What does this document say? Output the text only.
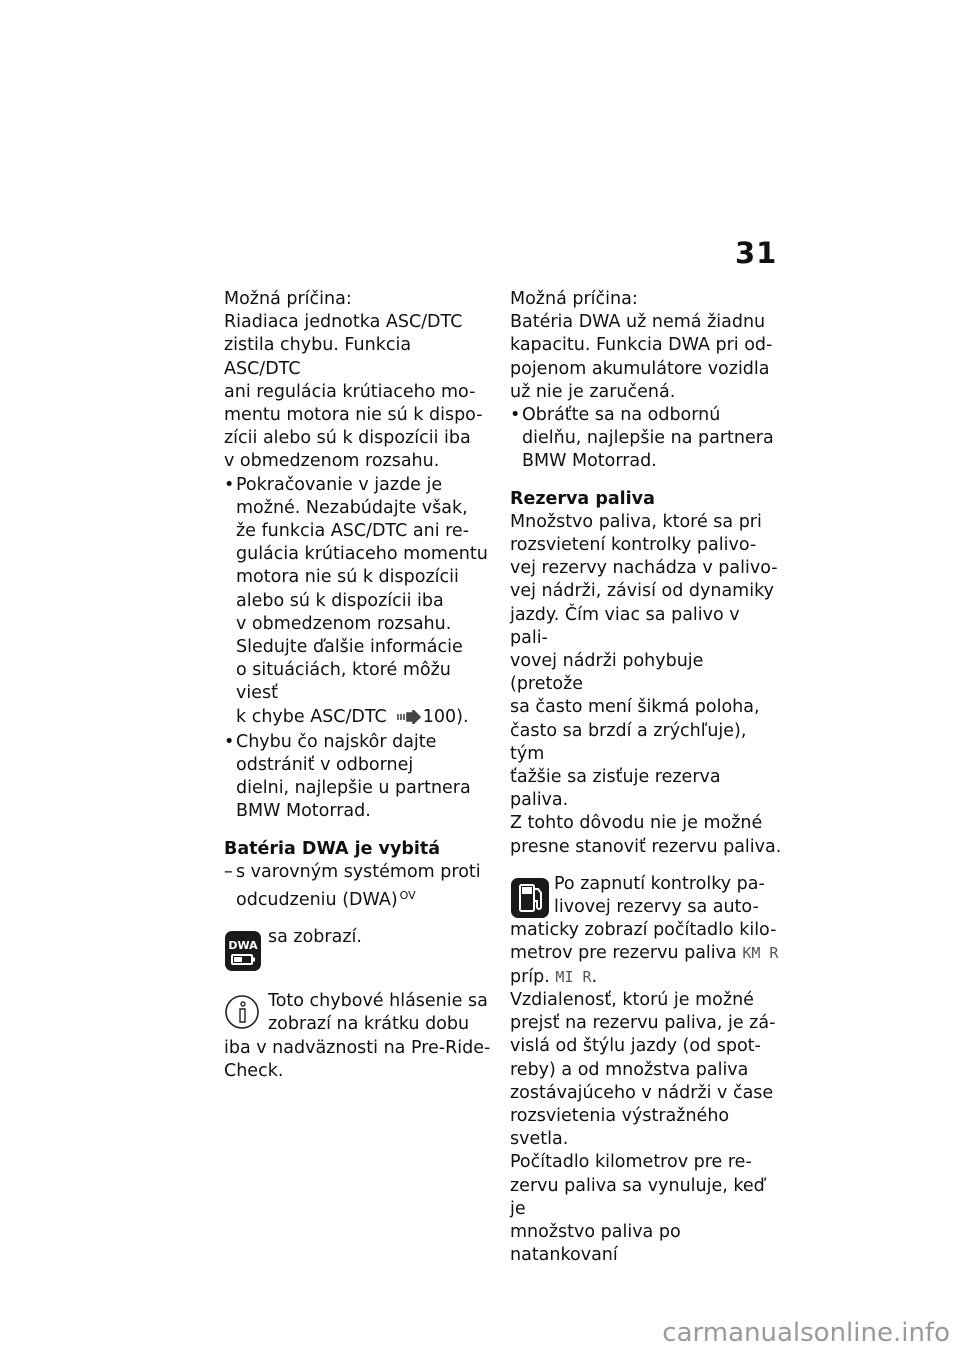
31

Možná príčina:

Riadiaca jednotka ASC/DTC

zistila chybu. Funkcia ASC/DTC

ani regulácia krútiaceho mo-

mentu motora nie sú k dispo-

zícii alebo sú k dispozícii iba

v obmedzenom rozsahu.

• Pokračovanie v jazde je
možné. Nezabúdajte však,
že funkcia ASC/DTC ani re-
gulácia krútiaceho momentu
motora nie sú k dispozícii
alebo sú k dispozícii iba
v obmedzenom rozsahu.
Sledujte ďalšie informácie
o situáciách, ktoré môžu viesť
k chybe ASC/DTC 100).
• Chybu čo najskôr dajte
odstrániť v odbornej
dielni, najlepšie u partnera
BMW Motorrad.

Batéria DWA je vybitá

– s varovným systémom proti
odcudzeniu (DWA) $^{OV}$
DWA sa zobrazí.
Toto chybové hlásenie sa
zobrazí na krátku dobu
iba v nadväznosti na Pre-Ride-
Check.

Možná príčina:

Batéria DWA už nemá žiadnu

kapacitu. Funkcia DWA pri od-

pojenom akumulátore vozidla

už nie je zaručená.

• Obráťte sa na odbornú
dielňu, najlepšie na partnera
BMW Motorrad.

Rezerva paliva

Množstvo paliva, ktoré sa pri

rozsvietení kontrolky palivo-

vej rezervy nachádza v palivo-

vej nádrži, závisí od dynamiky

jazdy. Čím viac sa palivo v pali-

vovej nádrži pohybuje (pretože

sa často mení šikmá poloha,

často sa brzdí a zrýchľuje), tým

ťažšie sa zisťuje rezerva paliva.

Z tohto dôvodu nie je možné

presne stanoviť rezervu paliva.

Po zapnutí kontrolky pa-
livovej rezervy sa auto-
maticky zobrazí počítadlo kilo-
metrov pre rezervu paliva KM R
príp. MI R.

Vzdialenosť, ktorú je možné

prejsť na rezervu paliva, je zá-

vislá od štýlu jazdy (od spot-

reby) a od množstva paliva

zostávajúceho v nádrži v čase

rozsvietenia výstražného svetla.

Počítadlo kilometrov pre re-

zervu paliva sa vynuluje, keď je

množstvo paliva po natankovaní

carmanualsonline.info
